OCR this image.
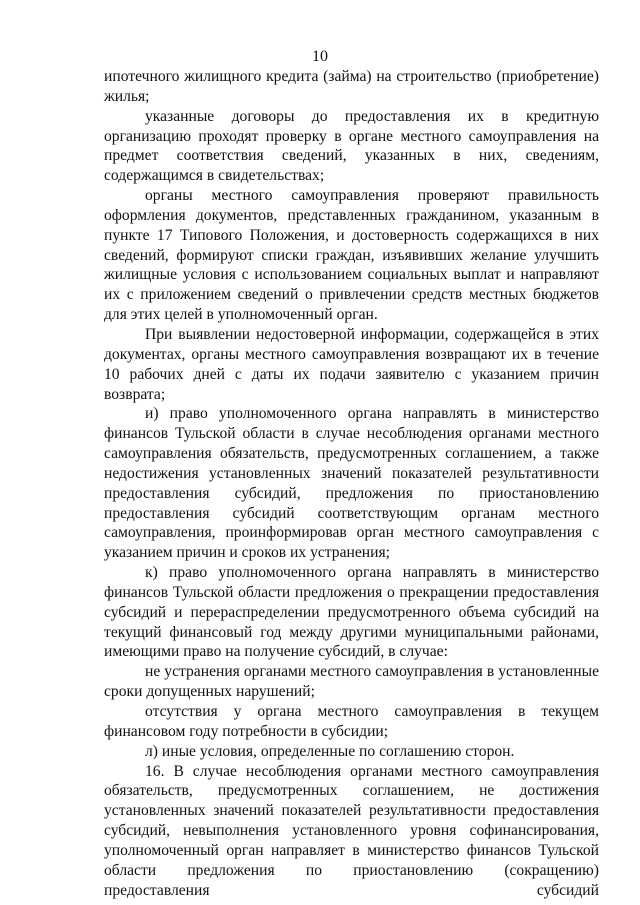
10

ипотечного жилищного кредита (займа) на строительство (приобретение) жилья;

указанные договоры до предоставления их в кредитную организацию проходят проверку в органе местного самоуправления на предмет соответствия сведений, указанных в них, сведениям, содержащимся в свидетельствах;

органы местного самоуправления проверяют правильность оформления документов, представленных гражданином, указанным в пункте 17 Типового Положения, и достоверность содержащихся в них сведений, формируют списки граждан, изъявивших желание улучшить жилищные условия с использованием социальных выплат и направляют их с приложением сведений о привлечении средств местных бюджетов для этих целей в уполномоченный орган.

При выявлении недостоверной информации, содержащейся в этих документах, органы местного самоуправления возвращают их в течение 10 рабочих дней с даты их подачи заявителю с указанием причин возврата;

и) право уполномоченного органа направлять в министерство финансов Тульской области в случае несоблюдения органами местного самоуправления обязательств, предусмотренных соглашением, а также недостижения установленных значений показателей результативности предоставления субсидий, предложения по приостановлению предоставления субсидий соответствующим органам местного самоуправления, проинформировав орган местного самоуправления с указанием причин и сроков их устранения;

к) право уполномоченного органа направлять в министерство финансов Тульской области предложения о прекращении предоставления субсидий и перераспределении предусмотренного объема субсидий на текущий финансовый год между другими муниципальными районами, имеющими право на получение субсидий, в случае:

не устранения органами местного самоуправления в установленные сроки допущенных нарушений;

отсутствия у органа местного самоуправления в текущем финансовом году потребности в субсидии;

л) иные условия, определенные по соглашению сторон.

16. В случае несоблюдения органами местного самоуправления обязательств, предусмотренных соглашением, не достижения установленных значений показателей результативности предоставления субсидий, невыполнения установленного уровня софинансирования, уполномоченный орган направляет в министерство финансов Тульской области предложения по приостановлению (сокращению) предоставления субсидий
